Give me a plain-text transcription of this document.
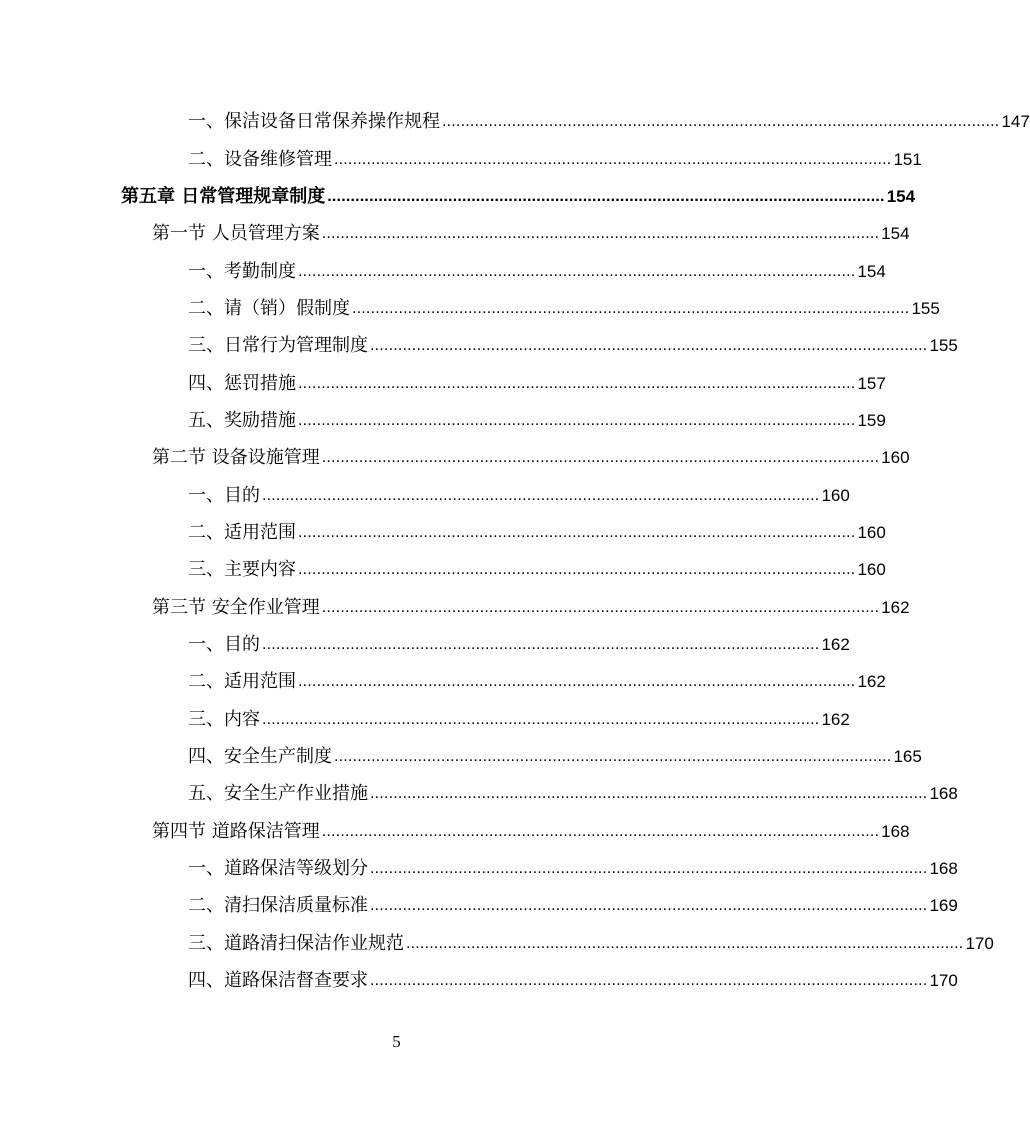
一、保洁设备日常保养操作规程 ........................................................................................................................ 147
二、设备维修管理 ........................................................................................................................ 151
第五章 日常管理规章制度 ........................................................................................................................ 154
第一节 人员管理方案 ........................................................................................................................ 154
一、考勤制度 ........................................................................................................................ 154
二、请（销）假制度 ........................................................................................................................ 155
三、日常行为管理制度 ........................................................................................................................ 155
四、惩罚措施 ........................................................................................................................ 157
五、奖励措施 ........................................................................................................................ 159
第二节 设备设施管理 ........................................................................................................................ 160
一、目的 ........................................................................................................................ 160
二、适用范围 ........................................................................................................................ 160
三、主要内容 ........................................................................................................................ 160
第三节 安全作业管理 ........................................................................................................................ 162
一、目的 ........................................................................................................................ 162
二、适用范围 ........................................................................................................................ 162
三、内容 ........................................................................................................................ 162
四、安全生产制度 ........................................................................................................................ 165
五、安全生产作业措施 ........................................................................................................................ 168
第四节 道路保洁管理 ........................................................................................................................ 168
一、道路保洁等级划分 ........................................................................................................................ 168
二、清扫保洁质量标准 ........................................................................................................................ 169
三、道路清扫保洁作业规范 ........................................................................................................................ 170
四、道路保洁督查要求 ........................................................................................................................ 170
5
